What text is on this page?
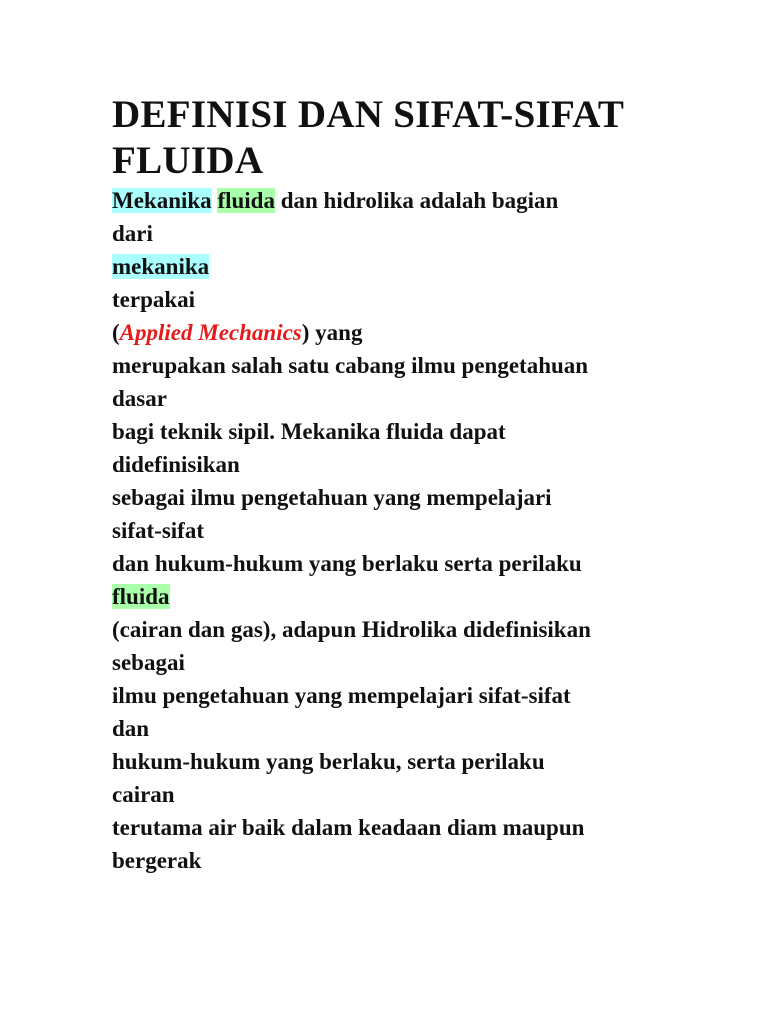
DEFINISI DAN SIFAT-SIFAT
FLUIDA
Mekanika fluida dan hidrolika adalah bagian
dari
mekanika
terpakai
(Applied Mechanics) yang
merupakan salah satu cabang ilmu pengetahuan
dasar
bagi teknik sipil. Mekanika fluida dapat
didefinisikan
sebagai ilmu pengetahuan yang mempelajari
sifat-sifat
dan hukum-hukum yang berlaku serta perilaku
fluida
(cairan dan gas), adapun Hidrolika didefinisikan
sebagai
ilmu pengetahuan yang mempelajari sifat-sifat
dan
hukum-hukum yang berlaku, serta perilaku
cairan
terutama air baik dalam keadaan diam maupun
bergerak
